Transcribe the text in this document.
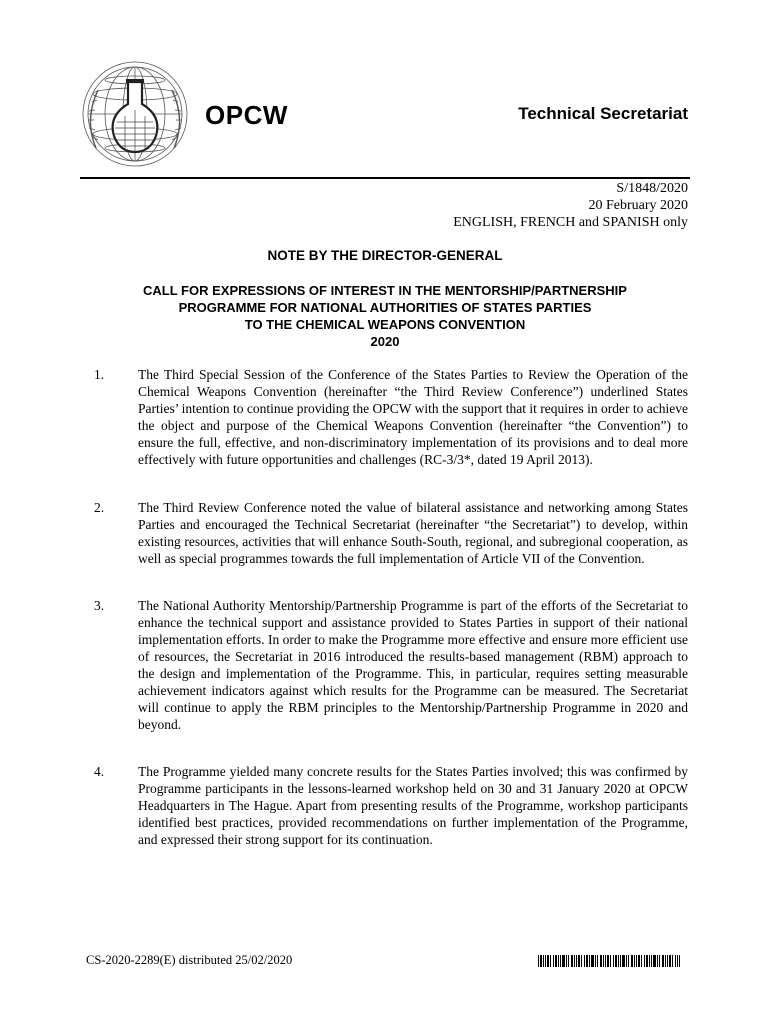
OPCW	Technical Secretariat
S/1848/2020
20 February 2020
ENGLISH, FRENCH and SPANISH only
NOTE BY THE DIRECTOR-GENERAL
CALL FOR EXPRESSIONS OF INTEREST IN THE MENTORSHIP/PARTNERSHIP
PROGRAMME FOR NATIONAL AUTHORITIES OF STATES PARTIES
TO THE CHEMICAL WEAPONS CONVENTION
2020
1.	The Third Special Session of the Conference of the States Parties to Review the Operation of the Chemical Weapons Convention (hereinafter “the Third Review Conference”) underlined States Parties’ intention to continue providing the OPCW with the support that it requires in order to achieve the object and purpose of the Chemical Weapons Convention (hereinafter “the Convention”) to ensure the full, effective, and non-discriminatory implementation of its provisions and to deal more effectively with future opportunities and challenges (RC-3/3*, dated 19 April 2013).
2.	The Third Review Conference noted the value of bilateral assistance and networking among States Parties and encouraged the Technical Secretariat (hereinafter “the Secretariat”) to develop, within existing resources, activities that will enhance South-South, regional, and subregional cooperation, as well as special programmes towards the full implementation of Article VII of the Convention.
3.	The National Authority Mentorship/Partnership Programme is part of the efforts of the Secretariat to enhance the technical support and assistance provided to States Parties in support of their national implementation efforts. In order to make the Programme more effective and ensure more efficient use of resources, the Secretariat in 2016 introduced the results-based management (RBM) approach to the design and implementation of the Programme. This, in particular, requires setting measurable achievement indicators against which results for the Programme can be measured. The Secretariat will continue to apply the RBM principles to the Mentorship/Partnership Programme in 2020 and beyond.
4.	The Programme yielded many concrete results for the States Parties involved; this was confirmed by Programme participants in the lessons-learned workshop held on 30 and 31 January 2020 at OPCW Headquarters in The Hague. Apart from presenting results of the Programme, workshop participants identified best practices, provided recommendations on further implementation of the Programme, and expressed their strong support for its continuation.
CS-2020-2289(E) distributed 25/02/2020
